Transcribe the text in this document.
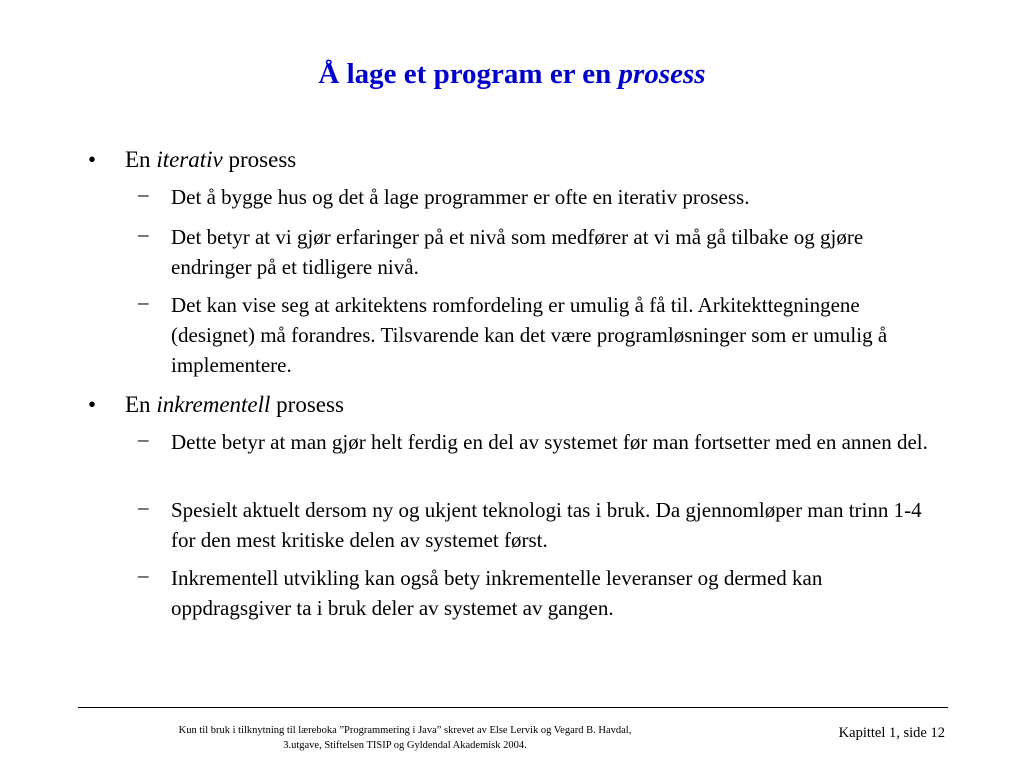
Å lage et program er en prosess
• En iterativ prosess
– Det å bygge hus og det å lage programmer er ofte en iterativ prosess.
– Det betyr at vi gjør erfaringer på et nivå som medfører at vi må gå tilbake og gjøre endringer på et tidligere nivå.
– Det kan vise seg at arkitektens romfordeling er umulig å få til. Arkitekttegningene (designet) må forandres. Tilsvarende kan det være programløsninger som er umulig å implementere.
• En inkrementell prosess
– Dette betyr at man gjør helt ferdig en del av systemet før man fortsetter med en annen del.
– Spesielt aktuelt dersom ny og ukjent teknologi tas i bruk. Da gjennomløper man trinn 1-4 for den mest kritiske delen av systemet først.
– Inkrementell utvikling kan også bety inkrementelle leveranser og dermed kan oppdragsgiver ta i bruk deler av systemet av gangen.
Kun til bruk i tilknytning til læreboka ”Programmering i Java” skrevet av Else Lervik og Vegard B. Havdal,
3.utgave, Stiftelsen TISIP og Gyldendal Akademisk 2004.
Kapittel 1, side 12
